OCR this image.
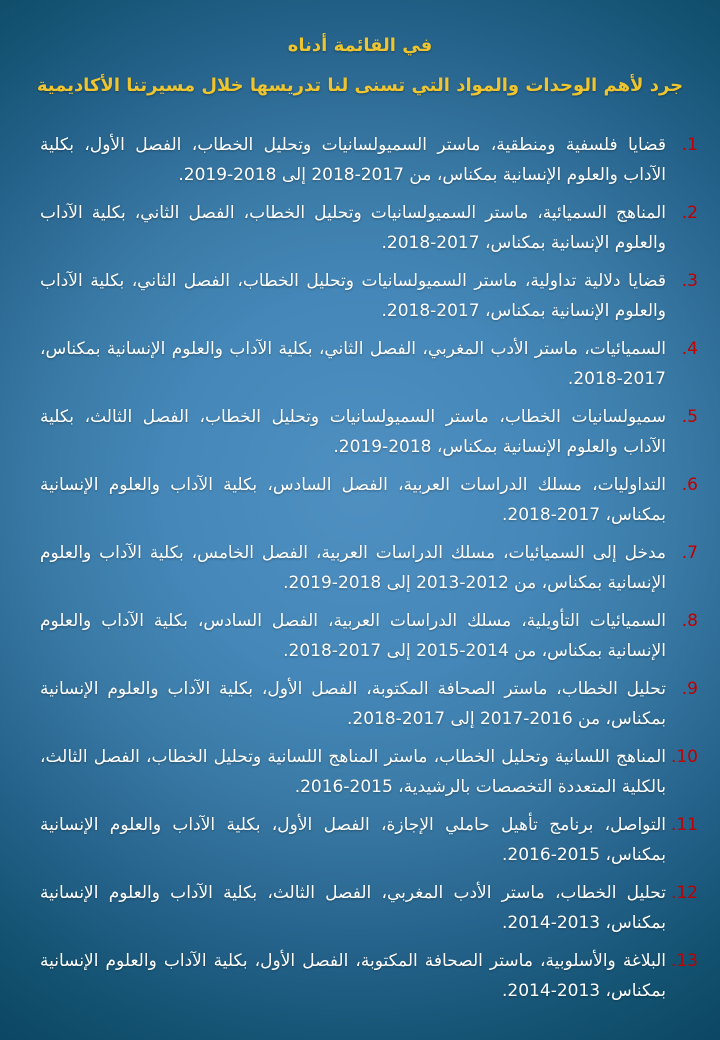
في القائمة أدناه
جرد لأهم الوحدات والمواد التي تسنى لنا تدريسها خلال مسيرتنا الأكاديمية
1.
قضايا فلسفية ومنطقية، ماستر السميولسانيات وتحليل الخطاب، الفصل الأول، بكلية الآداب والعلوم الإنسانية بمكناس، من 2017-2018 إلى 2018-2019.
2.
المناهج السميائية، ماستر السميولسانيات وتحليل الخطاب، الفصل الثاني، بكلية الآداب والعلوم الإنسانية بمكناس، 2017-2018.
3.
قضايا دلالية تداولية، ماستر السميولسانيات وتحليل الخطاب، الفصل الثاني، بكلية الآداب والعلوم الإنسانية بمكناس، 2017-2018.
4.
السميائيات، ماستر الأدب المغربي، الفصل الثاني، بكلية الآداب والعلوم الإنسانية بمكناس، 2017-2018.
5.
سميولسانيات الخطاب، ماستر السميولسانيات وتحليل الخطاب، الفصل الثالث، بكلية الآداب والعلوم الإنسانية بمكناس، 2018-2019.
6.
التداوليات، مسلك الدراسات العربية، الفصل السادس، بكلية الآداب والعلوم الإنسانية بمكناس، 2017-2018.
7.
مدخل إلى السميائيات، مسلك الدراسات العربية، الفصل الخامس، بكلية الآداب والعلوم الإنسانية بمكناس، من 2012-2013 إلى 2018-2019.
8.
السميائيات التأويلية، مسلك الدراسات العربية، الفصل السادس، بكلية الآداب والعلوم الإنسانية بمكناس، من 2014-2015 إلى 2017-2018.
9.
تحليل الخطاب، ماستر الصحافة المكتوبة، الفصل الأول، بكلية الآداب والعلوم الإنسانية بمكناس، من 2016-2017 إلى 2017-2018.
10.
المناهج اللسانية وتحليل الخطاب، ماستر المناهج اللسانية وتحليل الخطاب، الفصل الثالث، بالكلية المتعددة التخصصات بالرشيدية، 2015-2016.
11.
التواصل، برنامج تأهيل حاملي الإجازة، الفصل الأول، بكلية الآداب والعلوم الإنسانية بمكناس، 2015-2016.
12.
تحليل الخطاب، ماستر الأدب المغربي، الفصل الثالث، بكلية الآداب والعلوم الإنسانية بمكناس، 2013-2014.
13.
البلاغة والأسلوبية، ماستر الصحافة المكتوبة، الفصل الأول، بكلية الآداب والعلوم الإنسانية بمكناس، 2013-2014.
